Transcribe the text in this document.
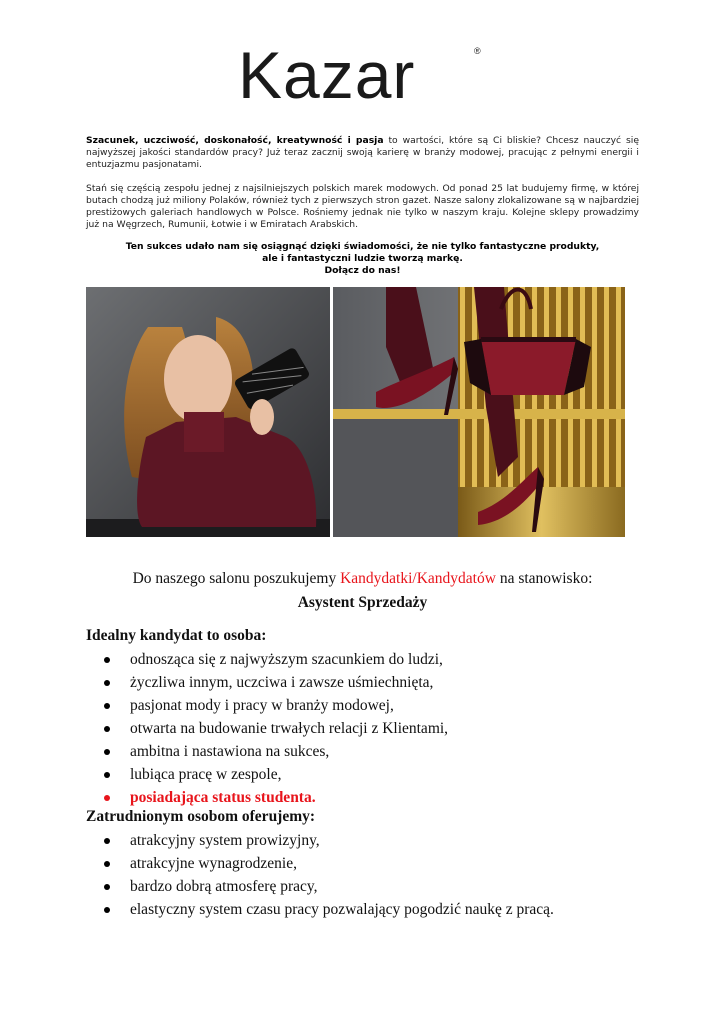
Kazar	®

Szacunek, uczciwość, doskonałość, kreatywność i pasja to wartości, które są Ci bliskie? Chcesz nauczyć się najwyższej jakości standardów pracy? Już teraz zacznij swoją karierę w branży modowej, pracując z pełnymi energii i entuzjazmu pasjonatami.

Stań się częścią zespołu jednej z najsilniejszych polskich marek modowych. Od ponad 25 lat budujemy firmę, w której butach chodzą już miliony Polaków, również tych z pierwszych stron gazet. Nasze salony zlokalizowane są w najbardziej prestiżowych galeriach handlowych w Polsce. Rośniemy jednak nie tylko w naszym kraju. Kolejne sklepy prowadzimy już na Węgrzech, Rumunii, Łotwie i w Emiratach Arabskich.

Ten sukces udało nam się osiągnąć dzięki świadomości, że nie tylko fantastyczne produkty,
ale i fantastyczni ludzie tworzą markę.
Dołącz do nas!

Do naszego salonu poszukujemy Kandydatki/Kandydatów na stanowisko:

Asystent Sprzedaży

Idealny kandydat to osoba:

odnosząca się z najwyższym szacunkiem do ludzi,
życzliwa innym, uczciwa i zawsze uśmiechnięta,
pasjonat mody i pracy w branży modowej,
otwarta na budowanie trwałych relacji z Klientami,
ambitna i nastawiona na sukces,
lubiąca pracę w zespole,
posiadająca status studenta.

Zatrudnionym osobom oferujemy:

atrakcyjny system prowizyjny,
atrakcyjne wynagrodzenie,
bardzo dobrą atmosferę pracy,
elastyczny system czasu pracy pozwalający pogodzić naukę z pracą.
